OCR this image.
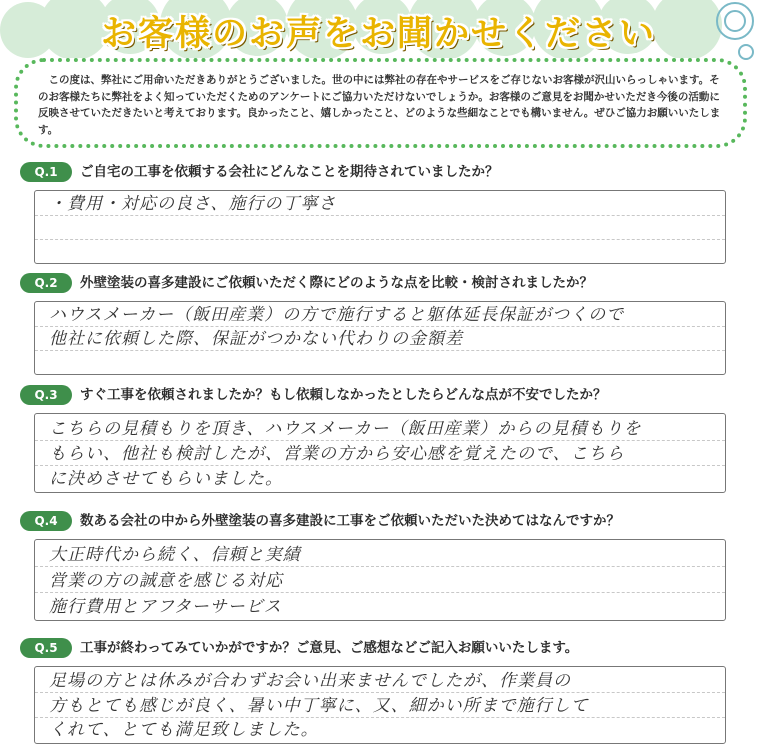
お客様のお声をお聞かせください

この度は、弊社にご用命いただきありがとうございました。世の中には弊社の存在やサービスをご存じないお客様が沢山いらっしゃいます。そのお客様たちに弊社をよく知っていただくためのアンケートにご協力いただけないでしょうか。お客様のご意見をお聞かせいただき今後の活動に反映させていただきたいと考えております。良かったこと、嬉しかったこと、どのような些細なことでも構いません。ぜひご協力お願いいたします。

Q.1	ご自宅の工事を依頼する会社にどんなことを期待されていましたか？
・費用・対応の良さ、施行の丁寧さ
Q.2	外壁塗装の喜多建設にご依頼いただく際にどのような点を比較・検討されましたか？
ハウスメーカー（飯田産業）の方で施行すると躯体延長保証がつくので
他社に依頼した際、保証がつかない代わりの金額差
Q.3	すぐ工事を依頼されましたか？もし依頼しなかったとしたらどんな点が不安でしたか？
こちらの見積もりを頂き、ハウスメーカー（飯田産業）からの見積もりを
もらい、他社も検討したが、営業の方から安心感を覚えたので、こちら
に決めさせてもらいました。
Q.4	数ある会社の中から外壁塗装の喜多建設に工事をご依頼いただいた決めてはなんですか？
大正時代から続く、信頼と実績
営業の方の誠意を感じる対応
施行費用とアフターサービス
Q.5	工事が終わってみていかがですか？ご意見、ご感想などご記入お願いいたします。
足場の方とは休みが合わずお会い出来ませんでしたが、作業員の
方もとても感じが良く、暑い中丁寧に、又、細かい所まで施行して
くれて、とても満足致しました。
